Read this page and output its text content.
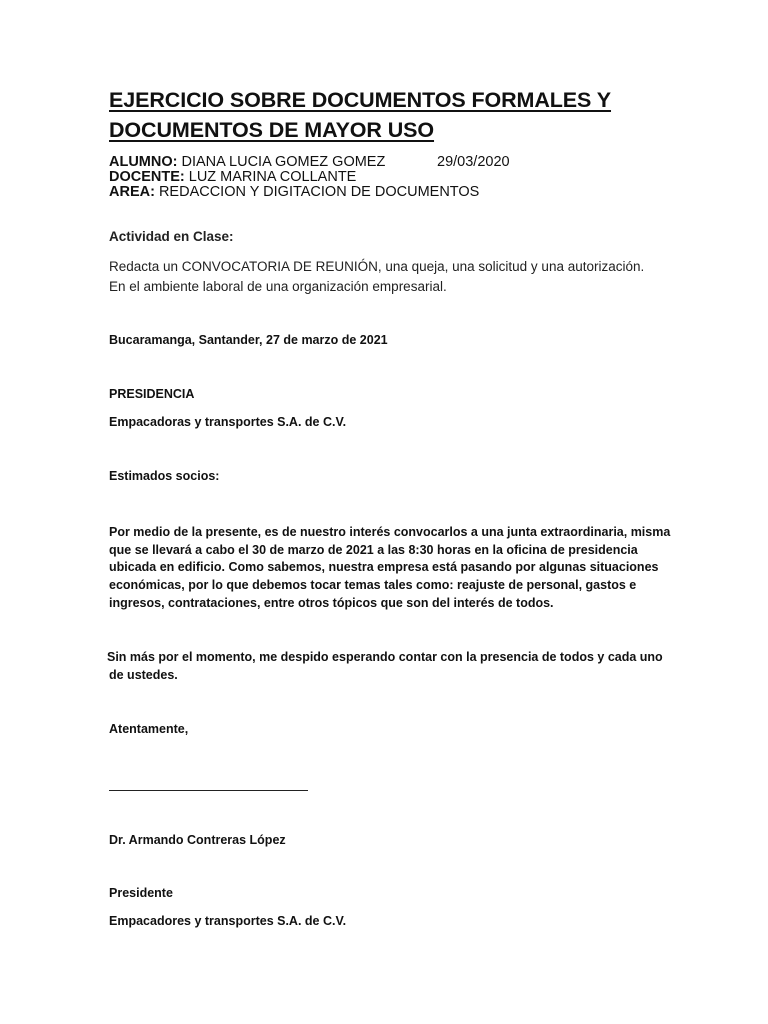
EJERCICIO SOBRE DOCUMENTOS FORMALES Y
DOCUMENTOS DE MAYOR USO
ALUMNO: DIANA LUCIA GOMEZ GOMEZ	29/03/2020
DOCENTE: LUZ MARINA COLLANTE
AREA: REDACCION Y DIGITACION DE DOCUMENTOS
Actividad en Clase:
Redacta un CONVOCATORIA DE REUNIÓN, una queja, una solicitud y una autorización.
En el ambiente laboral de una organización empresarial.
Bucaramanga, Santander, 27 de marzo de 2021
PRESIDENCIA
Empacadoras y transportes S.A. de C.V.
Estimados socios:
Por medio de la presente, es de nuestro interés convocarlos a una junta extraordinaria, misma
que se llevará a cabo el 30 de marzo de 2021 a las 8:30 horas en la oficina de presidencia
ubicada en edificio. Como sabemos, nuestra empresa está pasando por algunas situaciones
económicas, por lo que debemos tocar temas tales como: reajuste de personal, gastos e
ingresos, contrataciones, entre otros tópicos que son del interés de todos.
Sin más por el momento, me despido esperando contar con la presencia de todos y cada uno
de ustedes.
Atentamente,
Dr. Armando Contreras López
Presidente
Empacadores y transportes S.A. de C.V.
